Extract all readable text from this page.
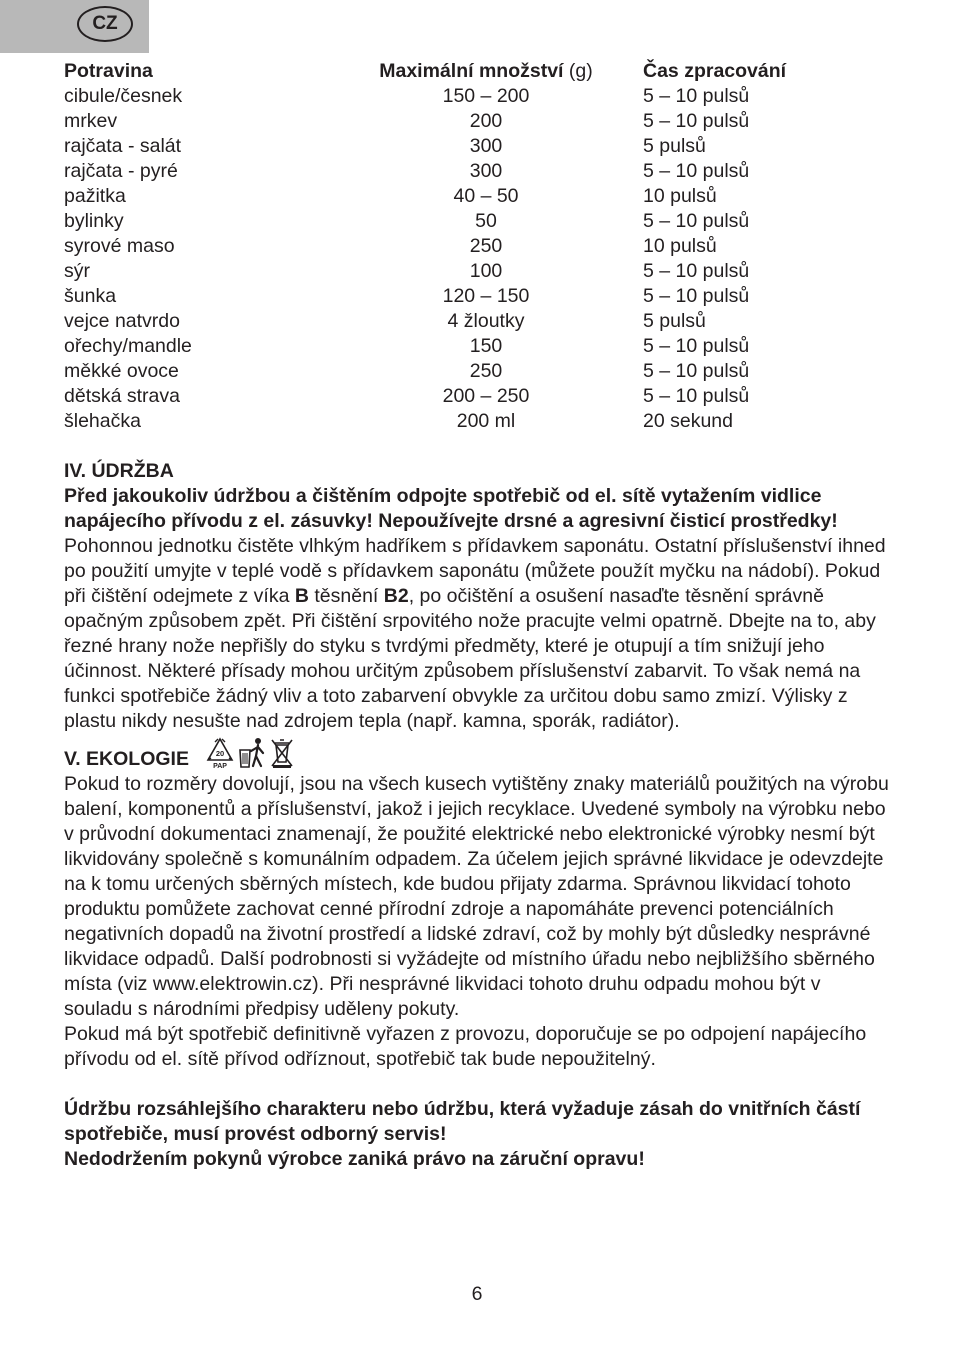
CZ
Potravina	Maximální množství (g)	Čas zpracování
cibule/česnek	150 – 200	5 – 10 pulsů
mrkev	200	5 – 10 pulsů
rajčata - salát	300	5 pulsů
rajčata - pyré	300	5 – 10 pulsů
pažitka	40 – 50	10 pulsů
bylinky	50	5 – 10 pulsů
syrové maso	250	10 pulsů
sýr	100	5 – 10 pulsů
šunka	120 – 150	5 – 10 pulsů
vejce natvrdo	4 žloutky	5 pulsů
ořechy/mandle	150	5 – 10 pulsů
měkké ovoce	250	5 – 10 pulsů
dětská strava	200 – 250	5 – 10 pulsů
šlehačka	200 ml	20 sekund
IV. ÚDRŽBA

Před jakoukoliv údržbou a čištěním odpojte spotřebič od el. sítě vytažením vidlice napájecího přívodu z el. zásuvky! Nepoužívejte drsné a agresivní čisticí prostředky!

Pohonnou jednotku čistěte vlhkým hadříkem s přídavkem saponátu. Ostatní příslušenství ihned po použití umyjte v teplé vodě s přídavkem saponátu (můžete použít myčku na nádobí). Pokud při čištění odejmete z víka B těsnění B2, po očištění a osušení nasaďte těsnění správně opačným způsobem zpět. Při čištění srpovitého nože pracujte velmi opatrně. Dbejte na to, aby řezné hrany nože nepřišly do styku s tvrdými předměty, které je otupují a tím snižují jeho účinnost. Některé přísady mohou určitým způsobem příslušenství zabarvit. To však nemá na funkci spotřebiče žádný vliv a toto zabarvení obvykle za určitou dobu samo zmizí. Výlisky z plastu nikdy nesušte nad zdrojem tepla (např. kamna, sporák, radiátor).

V. EKOLOGIE	20
PAP

Pokud to rozměry dovolují, jsou na všech kusech vytištěny znaky materiálů použitých na výrobu balení, komponentů a příslušenství, jakož i jejich recyklace. Uvedené symboly na výrobku nebo v průvodní dokumentaci znamenají, že použité elektrické nebo elektronické výrobky nesmí být likvidovány společně s komunálním odpadem. Za účelem jejich správné likvidace je odevzdejte na k tomu určených sběrných místech, kde budou přijaty zdarma. Správnou likvidací tohoto produktu pomůžete zachovat cenné přírodní zdroje a napomáháte prevenci potenciálních negativních dopadů na životní prostředí a lidské zdraví, což by mohly být důsledky nesprávné likvidace odpadů. Další podrobnosti si vyžádejte od místního úřadu nebo nejbližšího sběrného místa (viz www.elektrowin.cz). Při nesprávné likvidaci tohoto druhu odpadu mohou být v souladu s národními předpisy uděleny pokuty.

Pokud má být spotřebič definitivně vyřazen z provozu, doporučuje se po odpojení napájecího přívodu od el. sítě přívod odříznout, spotřebič tak bude nepoužitelný.

Údržbu rozsáhlejšího charakteru nebo údržbu, která vyžaduje zásah do vnitřních částí spotřebiče, musí provést odborný servis!

Nedodržením pokynů výrobce zaniká právo na záruční opravu!

6
